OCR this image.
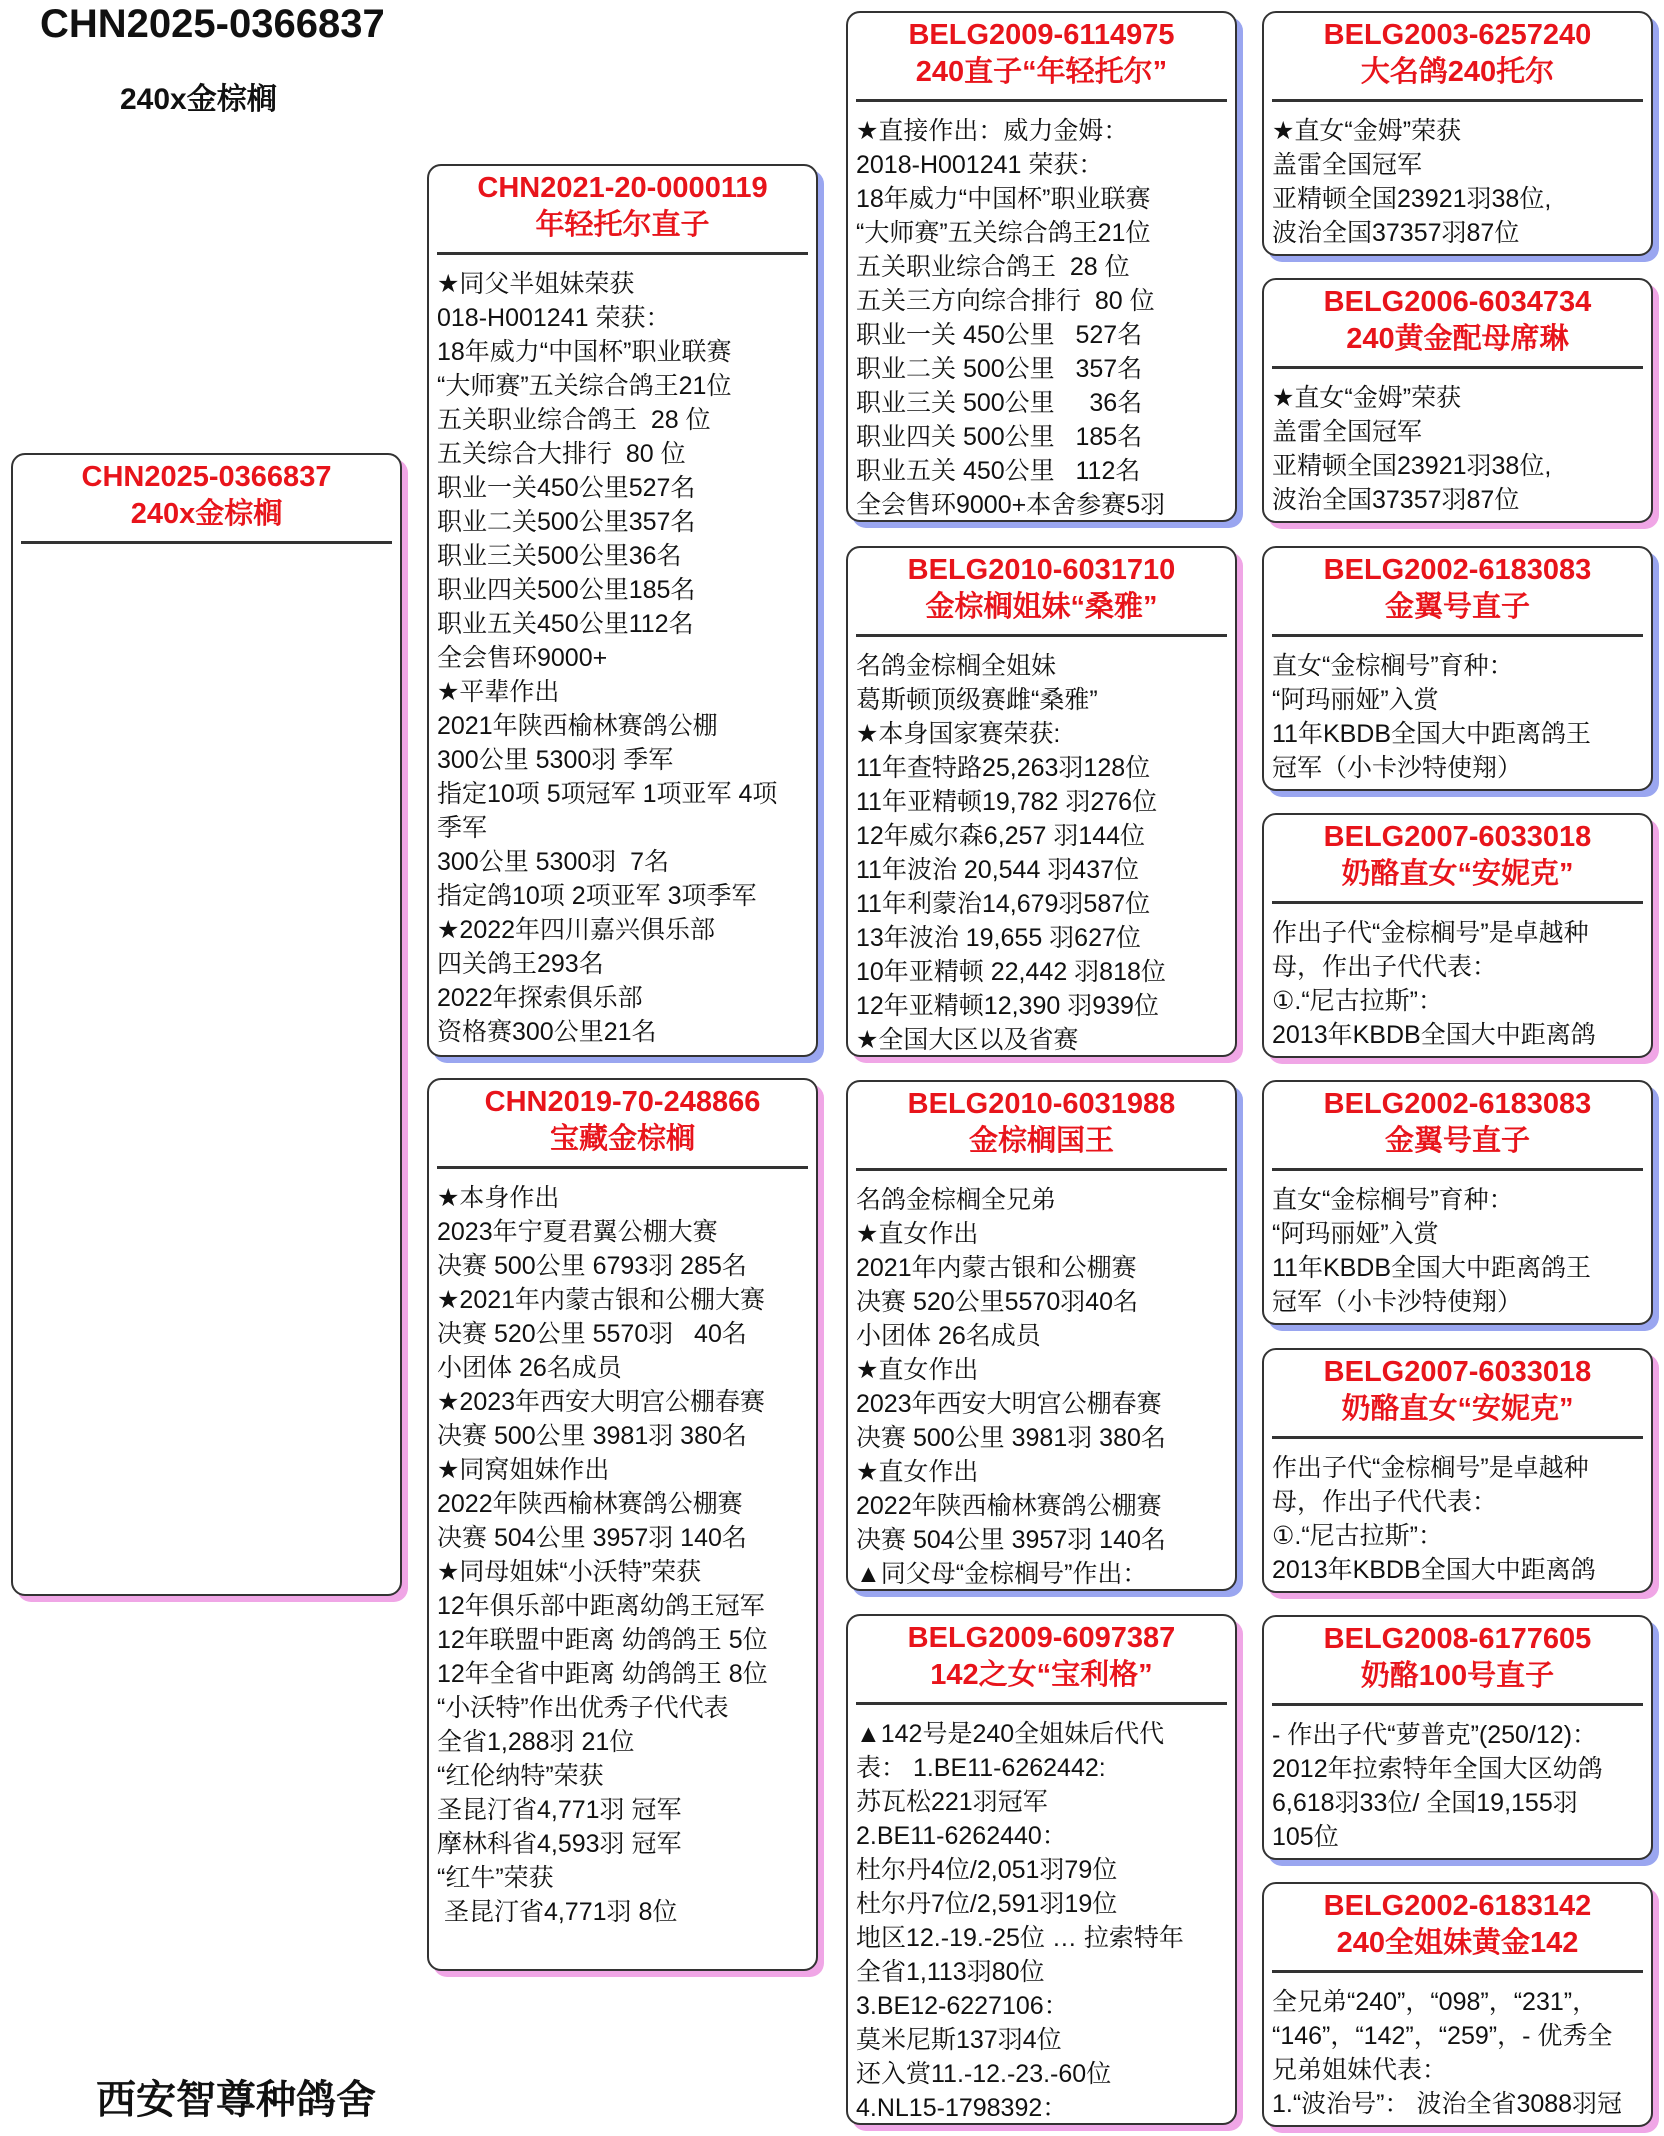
CHN2025-0366837
240x金棕榈
西安智尊种鸽舍
CHN2025-0366837
240x金棕榈
CHN2021-20-0000119
年轻托尔直子
★同父半姐妹荣获
018-H001241 荣获：
18年威力“中国杯”职业联赛
“大师赛”五关综合鸽王21位
五关职业综合鸽王  28 位
五关综合大排行  80 位
职业一关450公里527名
职业二关500公里357名
职业三关500公里36名
职业四关500公里185名
职业五关450公里112名
全会售环9000+
★平辈作出
2021年陕西榆林赛鸽公棚
300公里 5300羽 季军
指定10项 5项冠军 1项亚军 4项
季军
300公里 5300羽  7名
指定鸽10项 2项亚军 3项季军
★2022年四川嘉兴俱乐部
四关鸽王293名
2022年探索俱乐部
资格赛300公里21名
CHN2019-70-248866
宝藏金棕榈
★本身作出
2023年宁夏君翼公棚大赛
决赛 500公里 6793羽 285名
★2021年内蒙古银和公棚大赛
决赛 520公里 5570羽   40名
小团体 26名成员
★2023年西安大明宫公棚春赛
决赛 500公里 3981羽 380名
★同窝姐妹作出
2022年陕西榆林赛鸽公棚赛
决赛 504公里 3957羽 140名
★同母姐妹“小沃特”荣获
12年俱乐部中距离幼鸽王冠军
12年联盟中距离 幼鸽鸽王 5位
12年全省中距离 幼鸽鸽王 8位
“小沃特”作出优秀子代代表
全省1,288羽 21位
“红伦纳特”荣获
圣昆汀省4,771羽 冠军
摩林科省4,593羽 冠军
“红牛”荣获
圣昆汀省4,771羽 8位
BELG2009-6114975
240直子“年轻托尔”
★直接作出：威力金姆：
2018-H001241 荣获：
18年威力“中国杯”职业联赛
“大师赛”五关综合鸽王21位
五关职业综合鸽王  28 位
五关三方向综合排行  80 位
职业一关 450公里   527名
职业二关 500公里   357名
职业三关 500公里     36名
职业四关 500公里   185名
职业五关 450公里   112名
全会售环9000+本舍参赛5羽
BELG2010-6031710
金棕榈姐妹“桑雅”
名鸽金棕榈全姐妹
葛斯顿顶级赛雌“桑雅”
★本身国家赛荣获:
11年查特路25,263羽128位
11年亚精顿19,782 羽276位
12年威尔森6,257 羽144位
11年波治 20,544 羽437位
11年利蒙治14,679羽587位
13年波治 19,655 羽627位
10年亚精顿 22,442 羽818位
12年亚精顿12,390 羽939位
★全国大区以及省赛
BELG2010-6031988
金棕榈国王
名鸽金棕榈全兄弟
★直女作出
2021年内蒙古银和公棚赛
决赛 520公里5570羽40名
小团体 26名成员
★直女作出
2023年西安大明宫公棚春赛
决赛 500公里 3981羽 380名
★直女作出
2022年陕西榆林赛鸽公棚赛
决赛 504公里 3957羽 140名
▲同父母“金棕榈号”作出：
BELG2009-6097387
142之女“宝利格”
▲142号是240全姐妹后代代
表： 1.BE11-6262442:
苏瓦松221羽冠军
2.BE11-6262440：
杜尔丹4位/2,051羽79位
杜尔丹7位/2,591羽19位
地区12.-19.-25位 … 拉索特年
全省1,113羽80位
3.BE12-6227106：
莫米尼斯137羽4位
还入赏11.-12.-23.-60位
4.NL15-1798392：
BELG2003-6257240
大名鸽240托尔
★直女“金姆”荣获
盖雷全国冠军
亚精顿全国23921羽38位,
波治全国37357羽87位
BELG2006-6034734
240黄金配母席琳
★直女“金姆”荣获
盖雷全国冠军
亚精顿全国23921羽38位,
波治全国37357羽87位
BELG2002-6183083
金翼号直子
直女“金棕榈号”育种：
“阿玛丽娅”入赏
11年KBDB全国大中距离鸽王
冠军（小卡沙特使翔）
BELG2007-6033018
奶酪直女“安妮克”
作出子代“金棕榈号”是卓越种
母，作出子代代表：
①.“尼古拉斯”：
2013年KBDB全国大中距离鸽
BELG2002-6183083
金翼号直子
直女“金棕榈号”育种：
“阿玛丽娅”入赏
11年KBDB全国大中距离鸽王
冠军（小卡沙特使翔）
BELG2007-6033018
奶酪直女“安妮克”
作出子代“金棕榈号”是卓越种
母，作出子代代表：
①.“尼古拉斯”：
2013年KBDB全国大中距离鸽
BELG2008-6177605
奶酪100号直子
- 作出子代“萝普克”(250/12)：
2012年拉索特年全国大区幼鸽
6,618羽33位/ 全国19,155羽
105位
BELG2002-6183142
240全姐妹黄金142
全兄弟“240”，“098”，“231”，
“146”，“142”，“259”，- 优秀全
兄弟姐妹代表：
1.“波治号”： 波治全省3088羽冠
